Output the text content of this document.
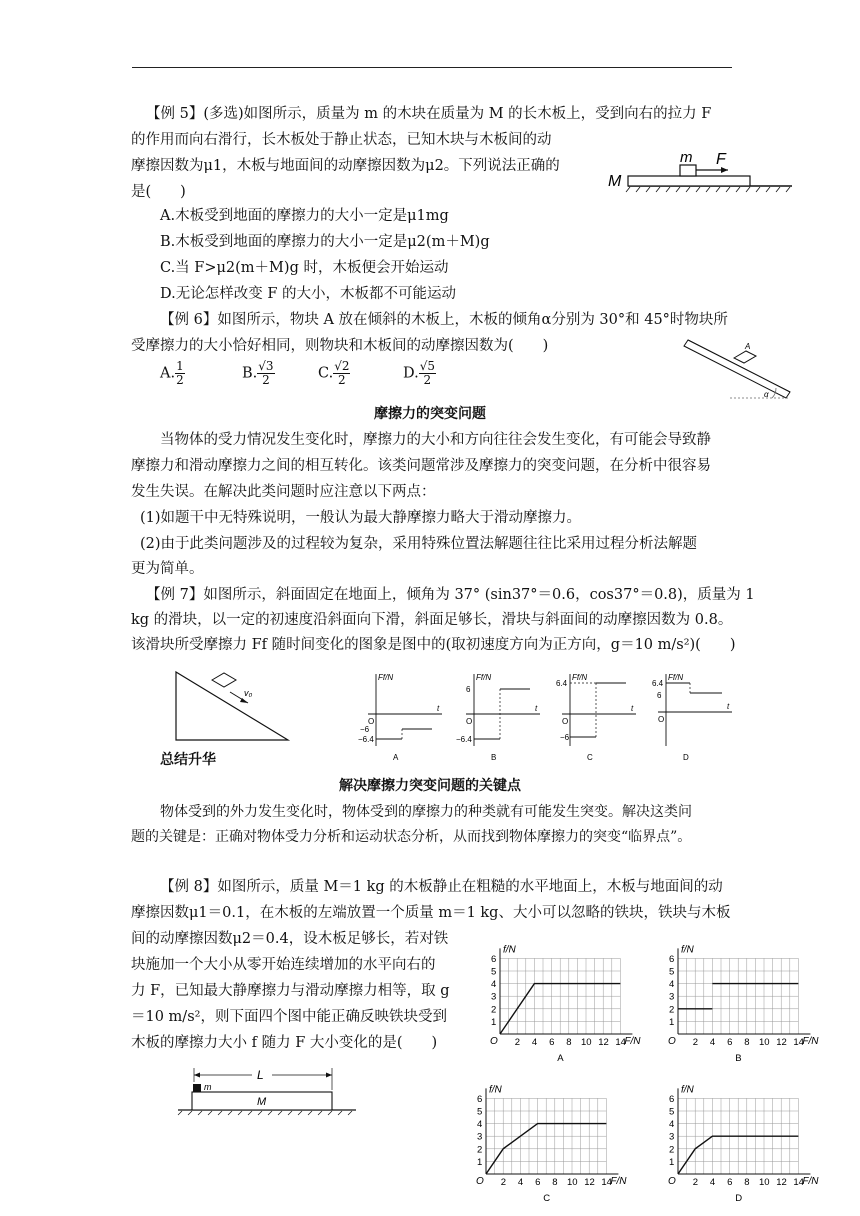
【例 5】(多选)如图所示，质量为 m 的木块在质量为 M 的长木板上，受到向右的拉力 F
的作用而向右滑行，长木板处于静止状态，已知木块与木板间的动
摩擦因数为μ1，木板与地面间的动摩擦因数为μ2。下列说法正确的
是(　　)
A.木板受到地面的摩擦力的大小一定是μ1mg
B.木板受到地面的摩擦力的大小一定是μ2(m＋M)g
C.当 F>μ2(m＋M)g 时，木板便会开始运动
D.无论怎样改变 F 的大小，木板都不可能运动
m F
M
【例 6】如图所示，物块 A 放在倾斜的木板上，木板的倾角α分别为 30°和 45°时物块所
受摩擦力的大小恰好相同，则物块和木板间的动摩擦因数为(　　)
A. $\frac{1}{2}$	B. $\frac{√3}{2}$	C. $\frac{√2}{2}$	D. $\frac{√5}{2}$
A
α
摩擦力的突变问题
当物体的受力情况发生变化时，摩擦力的大小和方向往往会发生变化，有可能会导致静
摩擦力和滑动摩擦力之间的相互转化。该类问题常涉及摩擦力的突变问题，在分析中很容易
发生失误。在解决此类问题时应注意以下两点：
(1)如题干中无特殊说明，一般认为最大静摩擦力略大于滑动摩擦力。
(2)由于此类问题涉及的过程较为复杂，采用特殊位置法解题往往比采用过程分析法解题
更为简单。
【例 7】如图所示，斜面固定在地面上，倾角为 37° (sin37°＝0.6，cos37°＝0.8)，质量为 1
kg 的滑块，以一定的初速度沿斜面向下滑，斜面足够长，滑块与斜面间的动摩擦因数为 0.8。
该滑块所受摩擦力 Ff 随时间变化的图象是图中的(取初速度方向为正方向，g＝10 m/s²)(　　)
v₀
Ff/N
t
O
−6
−6.4
A
Ff/N
t
O
6
−6.4
B
Ff/N
t
O
6.4
−6
C
Ff/N
t
O
6.4
6
D
总结升华
解决摩擦力突变问题的关键点
物体受到的外力发生变化时，物体受到的摩擦力的种类就有可能发生突变。解决这类问
题的关键是：正确对物体受力分析和运动状态分析，从而找到物体摩擦力的突变“临界点”。
【例 8】如图所示，质量 M＝1 kg 的木板静止在粗糙的水平地面上，木板与地面间的动
摩擦因数μ1＝0.1，在木板的左端放置一个质量 m＝1 kg、大小可以忽略的铁块，铁块与木板
间的动摩擦因数μ2＝0.4，设木板足够长，若对铁
块施加一个大小从零开始连续增加的水平向右的
力 F，已知最大静摩擦力与滑动摩擦力相等，取 g
＝10 m/s²，则下面四个图中能正确反映铁块受到
木板的摩擦力大小 f 随力 F 大小变化的是(　　)
L
m
M
f/N
F/N
O
1
2
3
4
5
6
2 4 6 8 10 12 14
A
f/N
F/N
O
1
2
3
4
5
6
2 4 6 8 10 12 14
B
f/N
F/N
O
1
2
3
4
5
6
2 4 6 8 10 12 14
C
f/N
F/N
O
1
2
3
4
5
6
2 4 6 8 10 12 14
D
